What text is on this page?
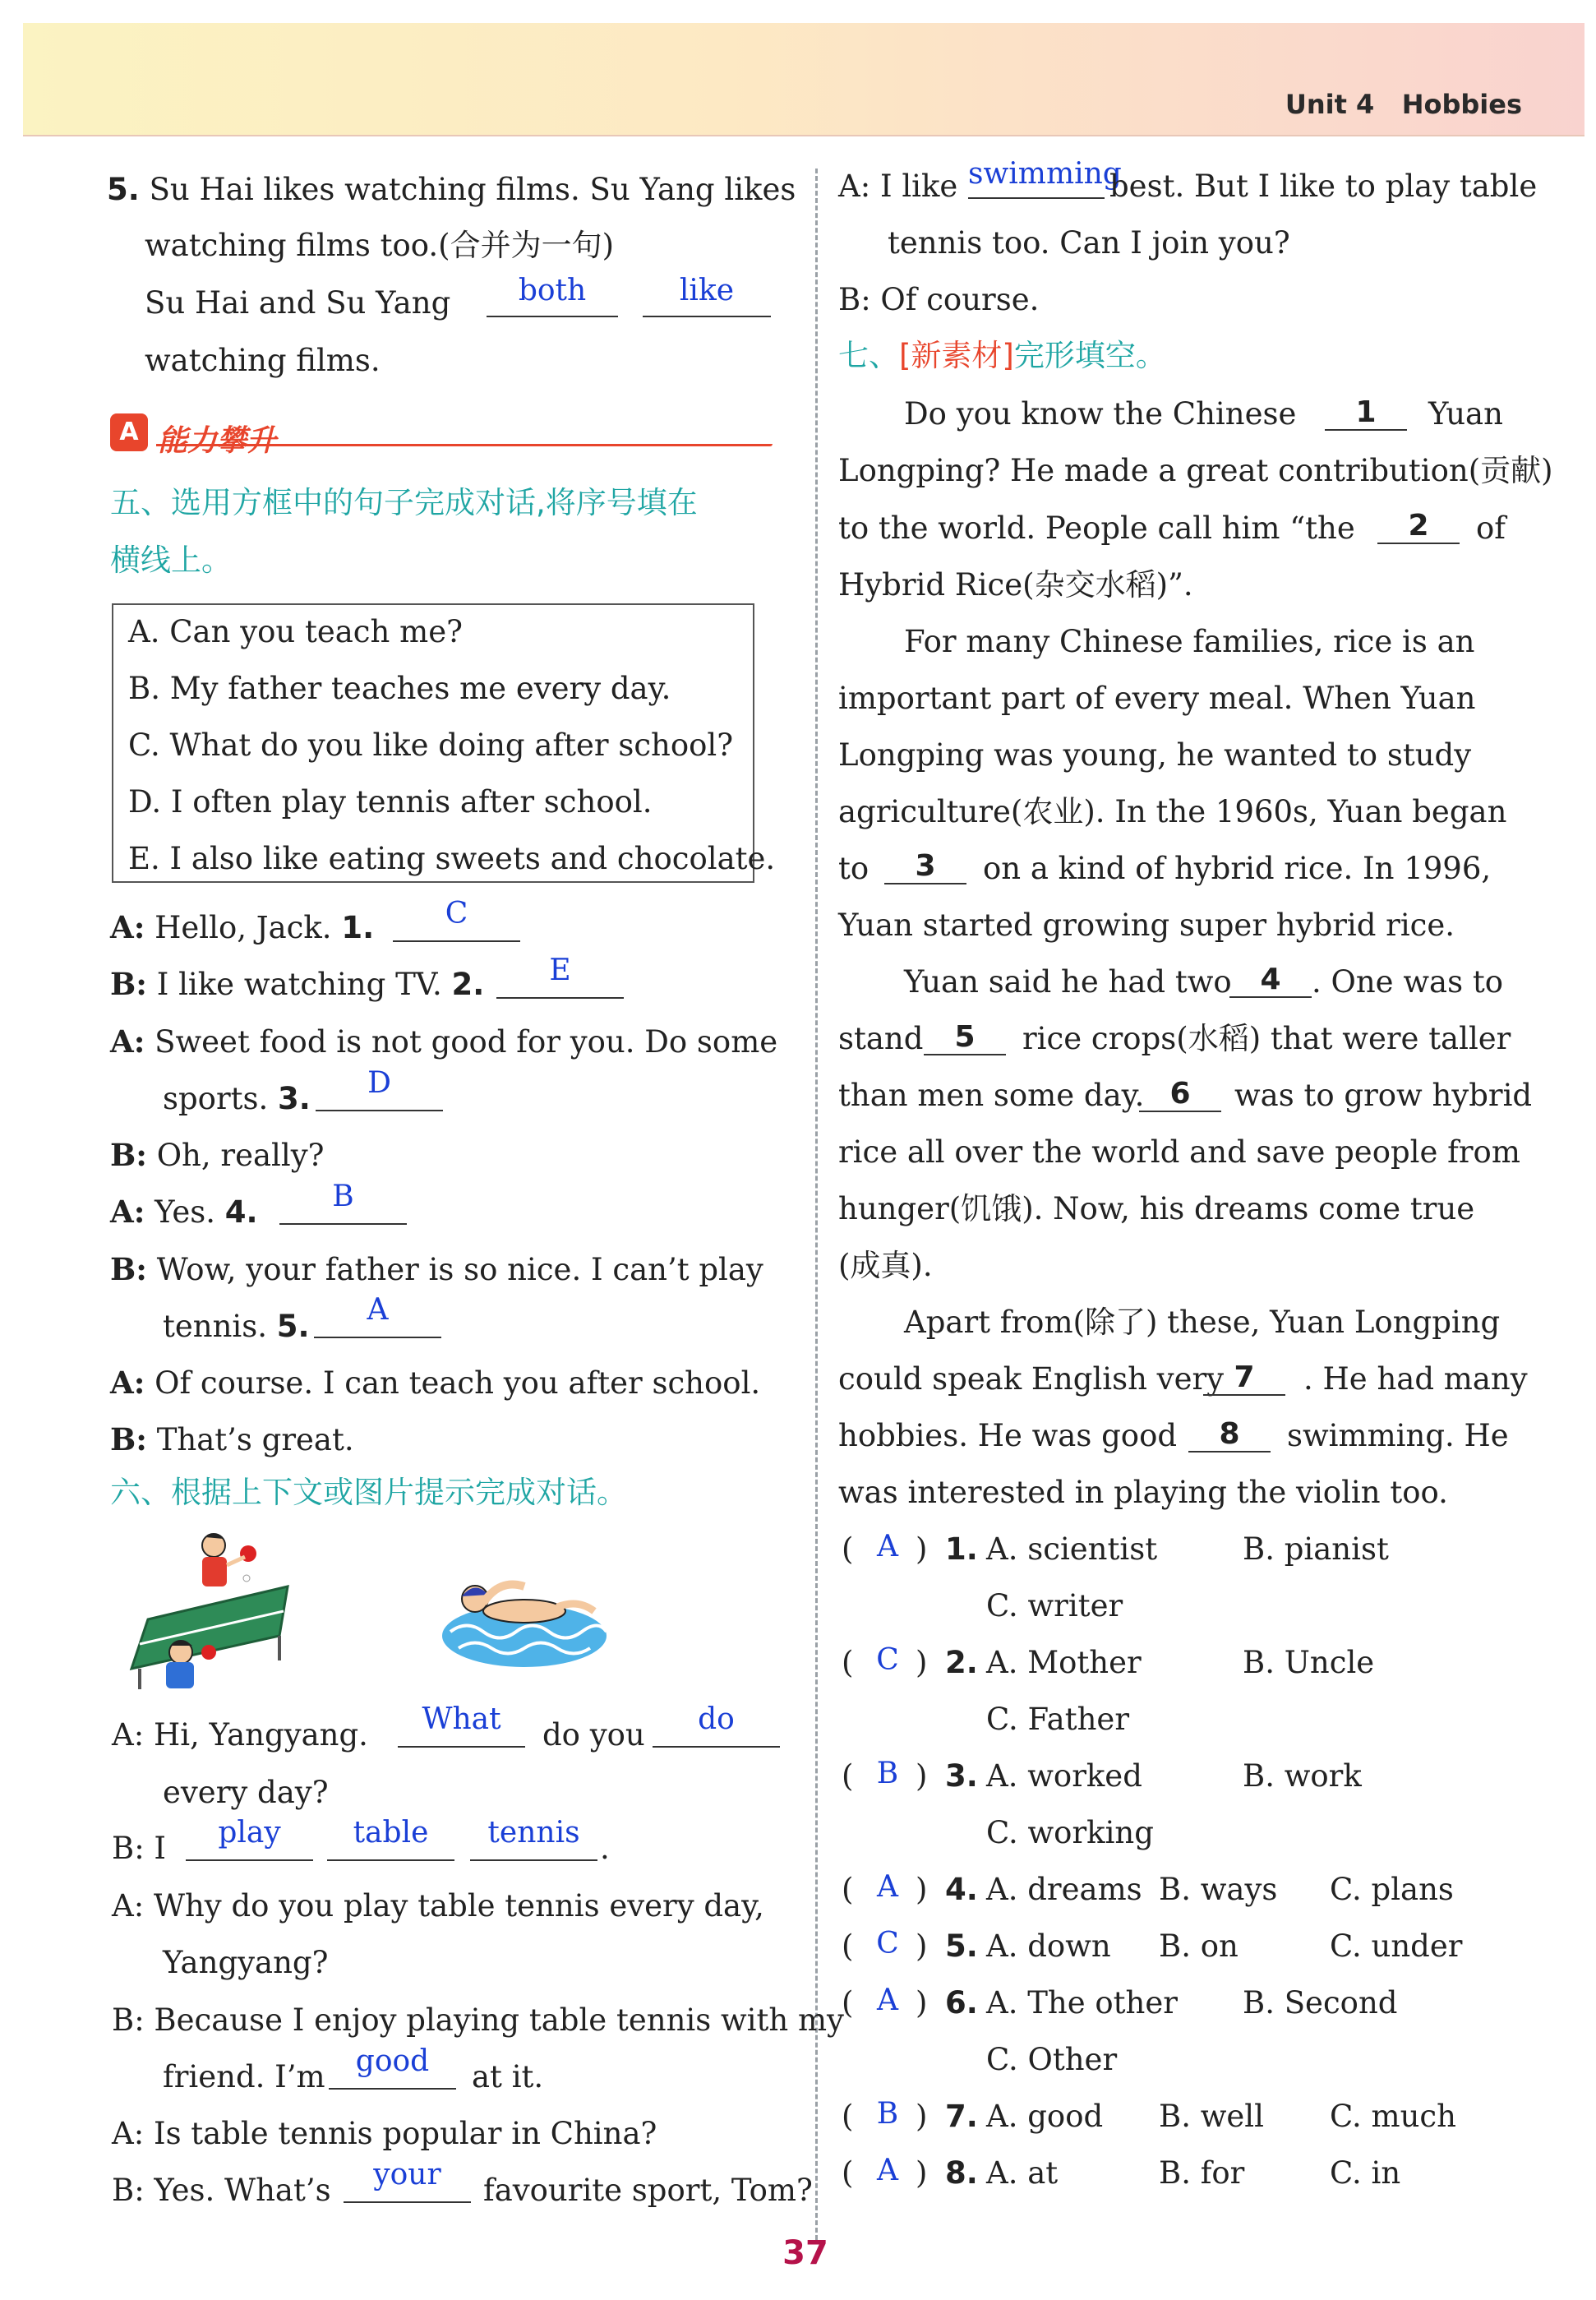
Unit 4   Hobbies
5. Su Hai likes watching films. Su Yang likes
watching films too.(合并为一句)
Su Hai and Su Yang	both	like
watching films.
A 能力攀升
五、选用方框中的句子完成对话,将序号填在
横线上。
A. Can you teach me?
B. My father teaches me every day.
C. What do you like doing after school?
D. I often play tennis after school.
E. I also like eating sweets and chocolate.
A: Hello, Jack. 1.	C
B: I like watching TV. 2.	E
A: Sweet food is not good for you. Do some
sports. 3.	D
B: Oh, really?
A: Yes. 4.	B
B: Wow, your father is so nice. I can’t play
tennis. 5.	A
A: Of course. I can teach you after school.
B: That’s great.
六、根据上下文或图片提示完成对话。
A: Hi, Yangyang.	What	do you	do
every day?
B: I	play	table	tennis .
A: Why do you play table tennis every day,
Yangyang?
B: Because I enjoy playing table tennis with my
friend. I’m	good	at it.
A: Is table tennis popular in China?
B: Yes. What’s	your	favourite sport, Tom?
A: I like swimming
best. But I like to play table
tennis too. Can I join you?
B: Of course.
七、[新素材]完形填空。
Do you know the Chinese	1	Yuan
Longping? He made a great contribution(贡献)
to the world. People call him “the	2	of
Hybrid Rice(杂交水稻)”.
For many Chinese families, rice is an
important part of every meal. When Yuan
Longping was young, he wanted to study
agriculture(农业). In the 1960s, Yuan began
to	3	on a kind of hybrid rice. In 1996,
Yuan started growing super hybrid rice.
Yuan said he had two 4	. One was to
stand	5	rice crops(水稻) that were taller
than men some day. 6	was to grow hybrid
rice all over the world and save people from
hunger(饥饿). Now, his dreams come true
(成真).
Apart from(除了) these, Yuan Longping
could speak English very 7	. He had many
hobbies. He was good	8	swimming. He
was interested in playing the violin too.
( A ) 1. A. scientist	B. pianist
C. writer
( C ) 2. A. Mother	B. Uncle
C. Father
( B ) 3. A. worked	B. work
C. working
( A ) 4. A. dreams B. ways C. plans
( C ) 5. A. down B. on	C. under
( A ) 6. A. The other B. Second
C. Other
( B ) 7. A. good B. well C. much
( A ) 8. A. at	B. for	C. in
37
